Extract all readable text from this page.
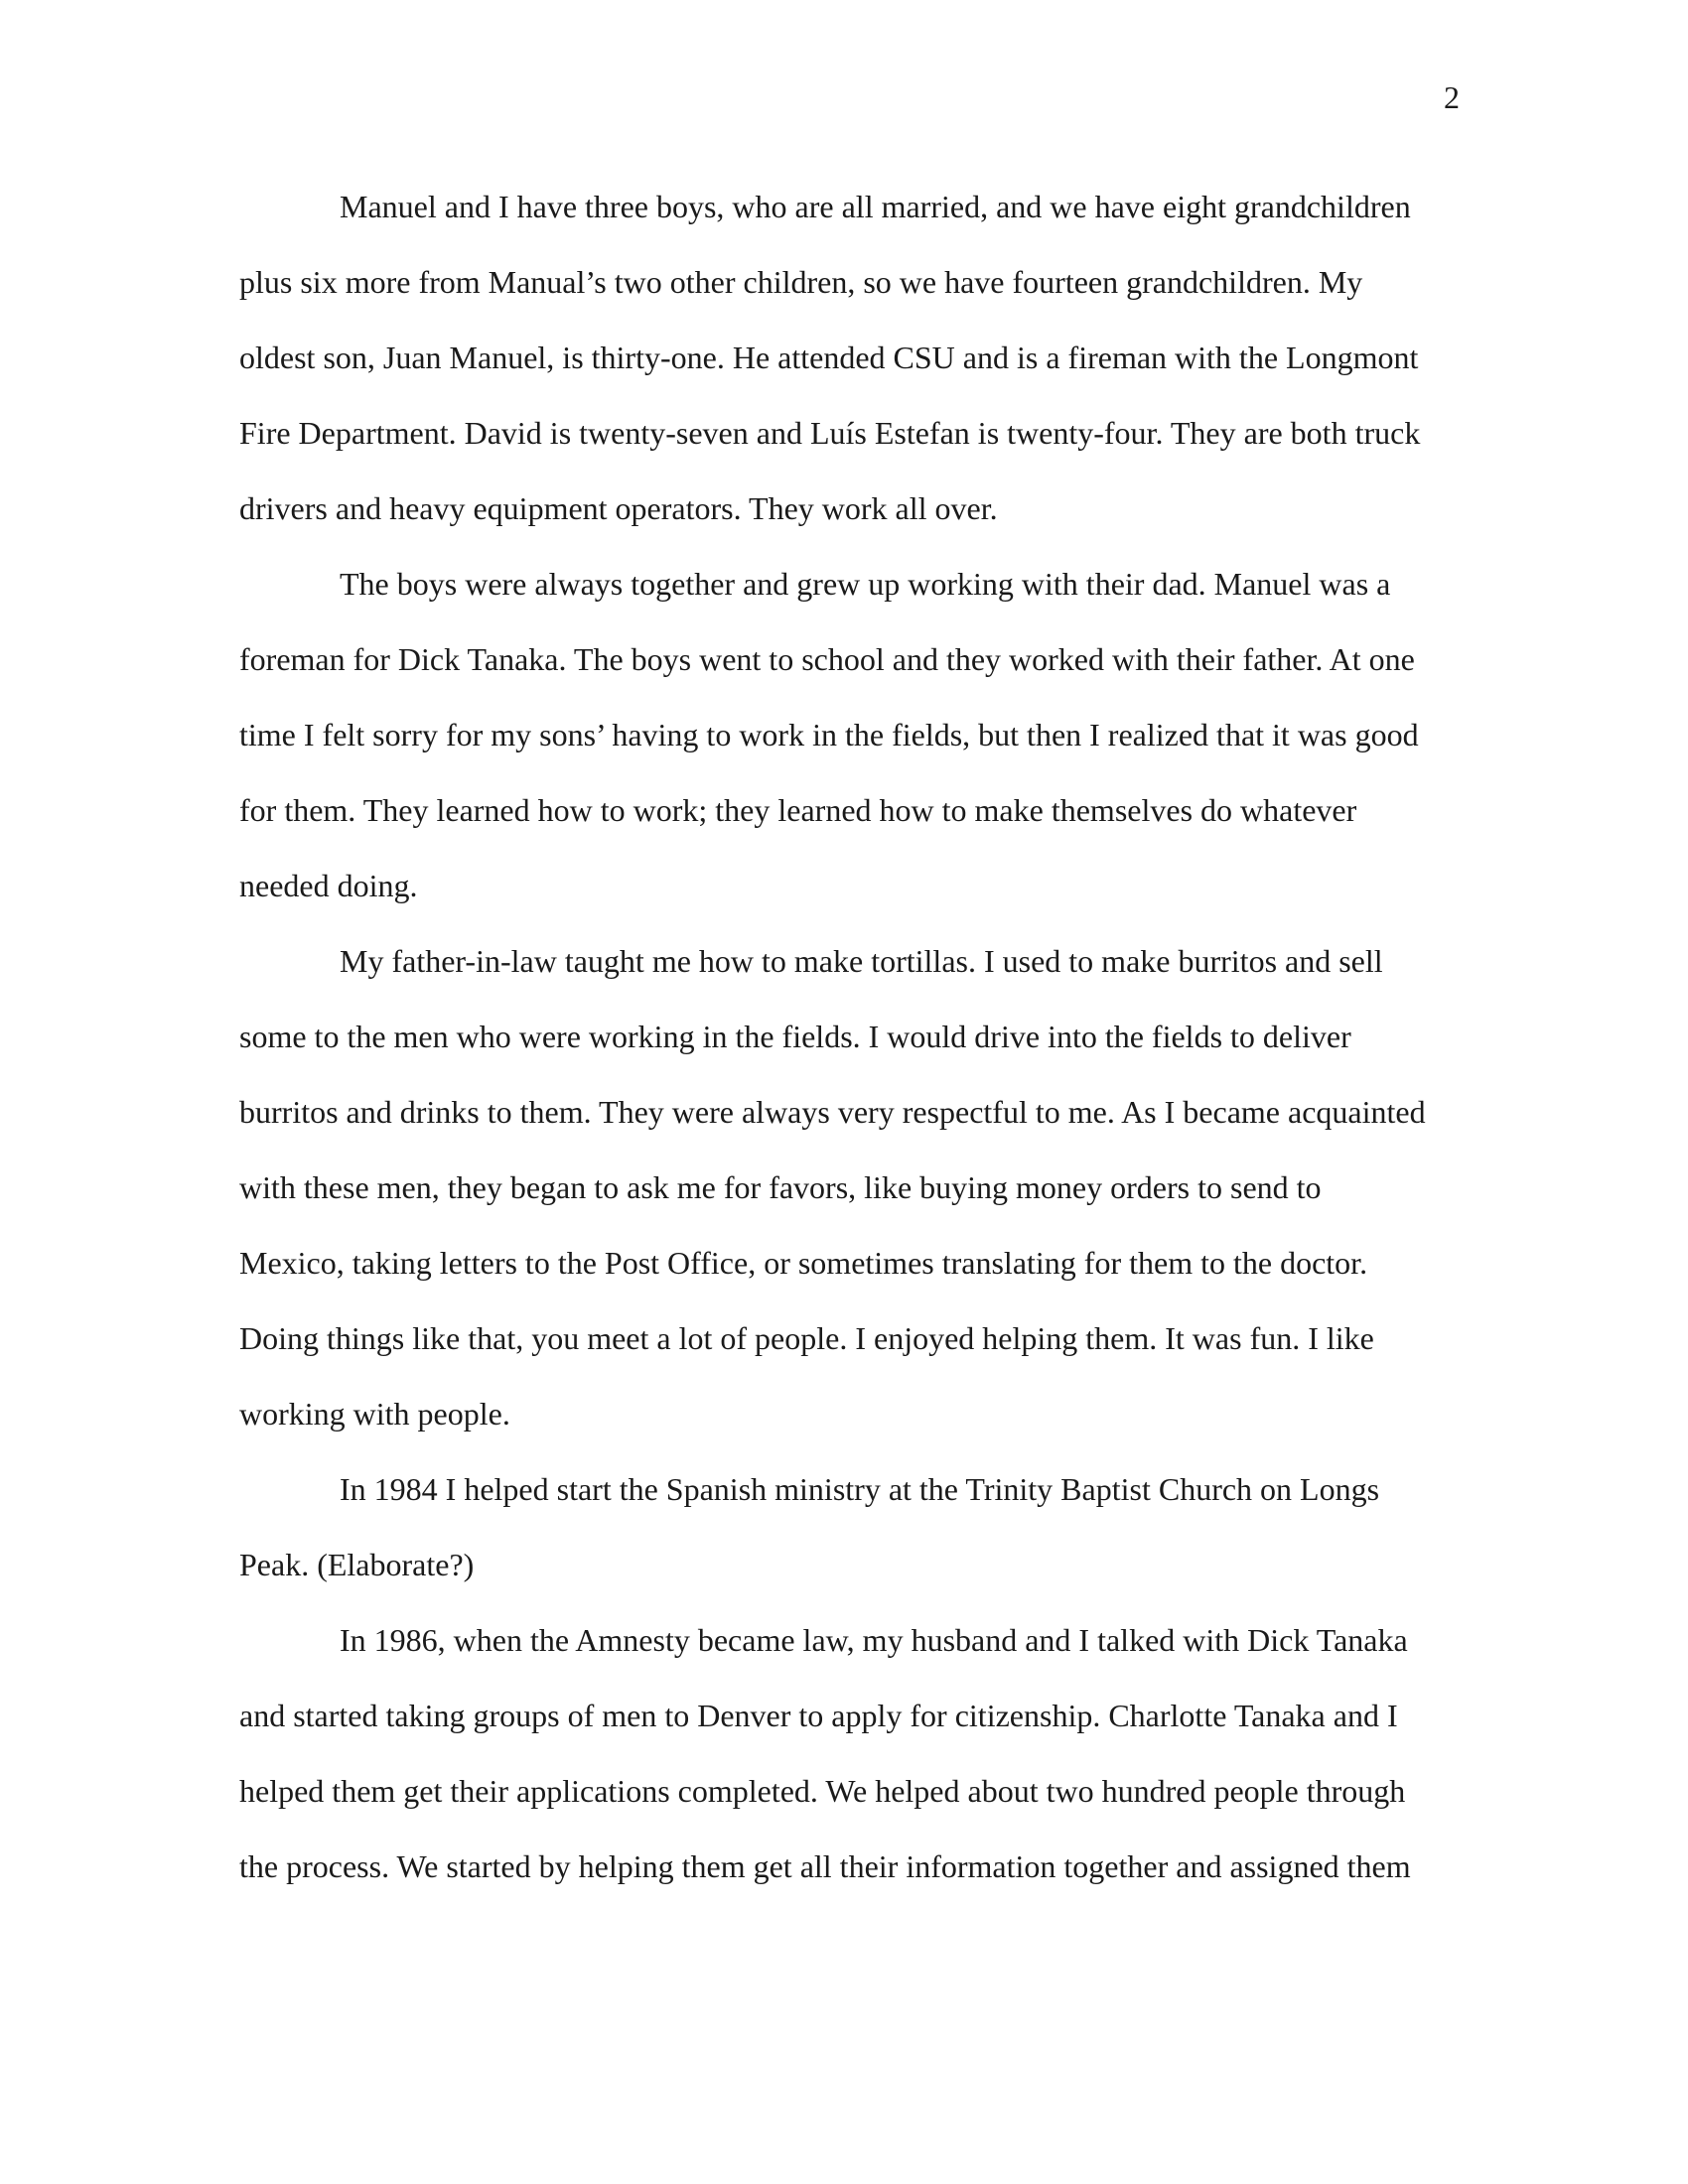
2
Manuel and I have three boys, who are all married, and we have eight grandchildren
plus six more from Manual’s two other children, so we have fourteen grandchildren. My
oldest son, Juan Manuel, is thirty-one. He attended CSU and is a fireman with the Longmont
Fire Department. David is twenty-seven and Luís Estefan is twenty-four. They are both truck
drivers and heavy equipment operators. They work all over.
The boys were always together and grew up working with their dad. Manuel was a
foreman for Dick Tanaka. The boys went to school and they worked with their father. At one
time I felt sorry for my sons’ having to work in the fields, but then I realized that it was good
for them. They learned how to work; they learned how to make themselves do whatever
needed doing.
My father-in-law taught me how to make tortillas. I used to make burritos and sell
some to the men who were working in the fields. I would drive into the fields to deliver
burritos and drinks to them. They were always very respectful to me. As I became acquainted
with these men, they began to ask me for favors, like buying money orders to send to
Mexico, taking letters to the Post Office, or sometimes translating for them to the doctor.
Doing things like that, you meet a lot of people. I enjoyed helping them. It was fun. I like
working with people.
In 1984 I helped start the Spanish ministry at the Trinity Baptist Church on Longs
Peak. (Elaborate?)
In 1986, when the Amnesty became law, my husband and I talked with Dick Tanaka
and started taking groups of men to Denver to apply for citizenship. Charlotte Tanaka and I
helped them get their applications completed. We helped about two hundred people through
the process. We started by helping them get all their information together and assigned them
